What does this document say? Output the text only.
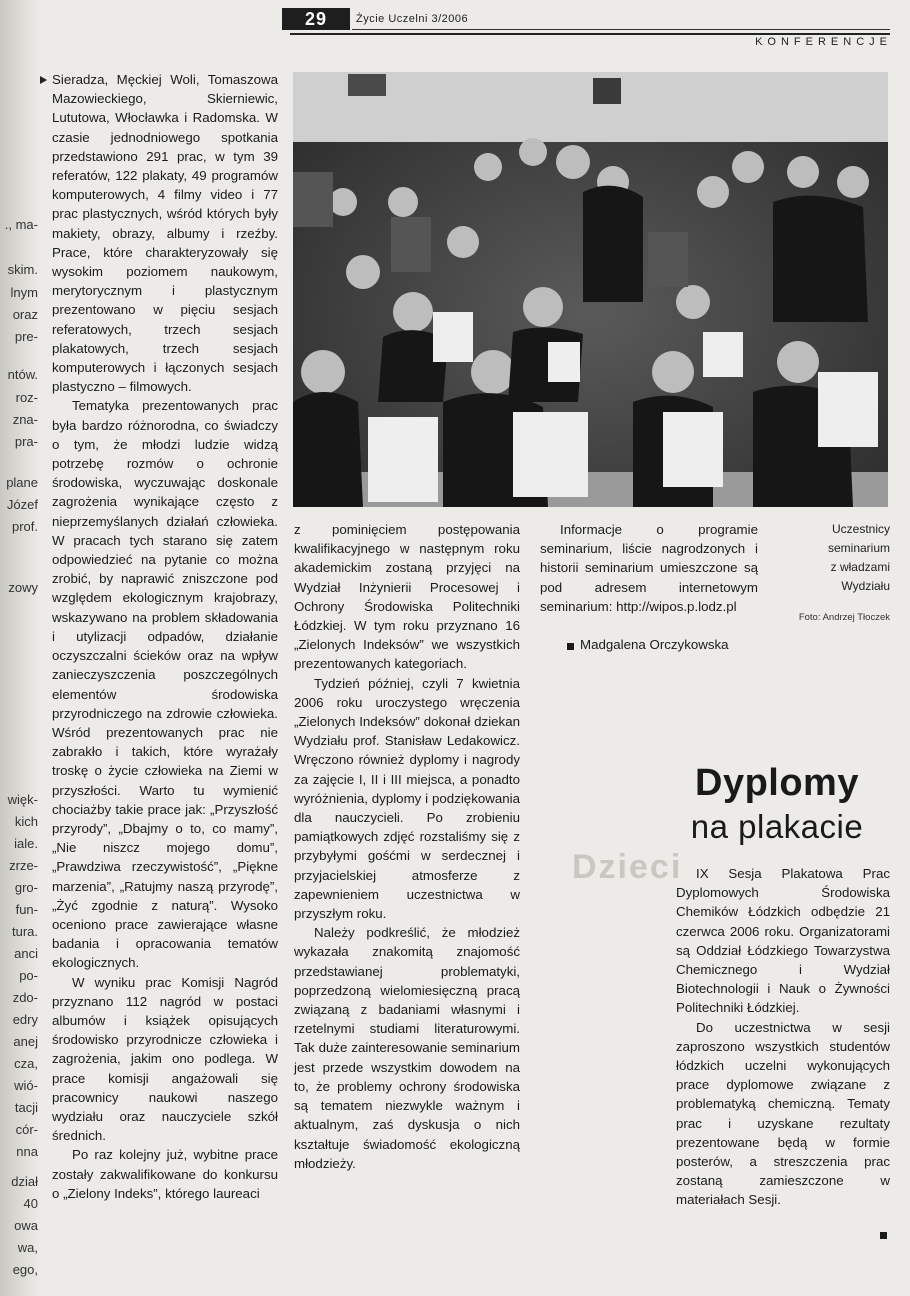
., ma-
skim.
lnym
oraz
pre-
ntów.
roz-
zna-
pra-
plane
Józef
prof.
zowy
więk-
kich
iale.
zrze-
gro-
fun-
tura.
anci
po-
zdo-
edry
anej
cza,
wió-
tacji
cór-
nna
dział
40
owa
wa,
ego,
29	Życie Uczelni 3/2006
KONFERENCJE

Sieradza, Męckiej Woli, Tomaszowa Mazowieckiego, Skierniewic, Lututowa, Włocławka i Radomska. W czasie jednodniowego spotkania przedstawiono 291 prac, w tym 39 referatów, 122 plakaty, 49 programów komputerowych, 4 filmy video i 77 prac plastycznych, wśród których były makiety, obrazy, albumy i rzeźby. Prace, które charakteryzowały się wysokim poziomem naukowym, merytorycznym i plastycznym prezentowano w pięciu sesjach referatowych, trzech sesjach plakatowych, trzech sesjach komputerowych i łączonych sesjach plastyczno – filmowych.

Tematyka prezentowanych prac była bardzo różnorodna, co świadczy o tym, że młodzi ludzie widzą potrzebę rozmów o ochronie środowiska, wyczuwając doskonale zagrożenia wynikające często z nieprzemyślanych działań człowieka. W pracach tych starano się zatem odpowiedzieć na pytanie co można zrobić, by naprawić zniszczone pod względem ekologicznym krajobrazy, wskazywano na problem składowania i utylizacji odpadów, działanie oczyszczalni ścieków oraz na wpływ zanieczyszczenia poszczególnych elementów środowiska przyrodniczego na zdrowie człowieka. Wśród prezentowanych prac nie zabrakło i takich, które wyrażały troskę o życie człowieka na Ziemi w przyszłości. Warto tu wymienić chociażby takie prace jak: „Przyszłość przyrody”, „Dbajmy o to, co mamy”, „Nie niszcz mojego domu”, „Prawdziwa rzeczywistość”, „Piękne marzenia”, „Ratujmy naszą przyrodę”, „Żyć zgodnie z naturą”. Wysoko oceniono prace zawierające własne badania i opracowania tematów ekologicznych.

W wyniku prac Komisji Nagród przyznano 112 nagród w postaci albumów i książek opisujących środowisko przyrodnicze człowieka i zagrożenia, jakim ono podlega. W prace komisji angażowali się pracownicy naukowi naszego wydziału oraz nauczyciele szkół średnich.

Po raz kolejny już, wybitne prace zostały zakwalifikowane do konkursu o „Zielony Indeks”, którego laureaci

z pominięciem postępowania kwalifikacyjnego w następnym roku akademickim zostaną przyjęci na Wydział Inżynierii Procesowej i Ochrony Środowiska Politechniki Łódzkiej. W tym roku przyznano 16 „Zielonych Indeksów” we wszystkich prezentowanych kategoriach.

Tydzień później, czyli 7 kwietnia 2006 roku uroczystego wręczenia „Zielonych Indeksów” dokonał dziekan Wydziału prof. Stanisław Ledakowicz. Wręczono również dyplomy i nagrody za zajęcie I, II i III miejsca, a ponadto wyróżnienia, dyplomy i podziękowania dla nauczycieli. Po zrobieniu pamiątkowych zdjęć rozstaliśmy się z przybyłymi gośćmi w serdecznej i przyjacielskiej atmosferze z zapewnieniem uczestnictwa w przyszłym roku.

Należy podkreślić, że młodzież wykazała znakomitą znajomość przedstawianej problematyki, poprzedzoną wielomiesięczną pracą związaną z badaniami własnymi i rzetelnymi studiami literaturowymi. Tak duże zainteresowanie seminarium jest przede wszystkim dowodem na to, że problemy ochrony środowiska są tematem niezwykle ważnym i aktualnym, zaś dyskusja o nich kształtuje świadomość ekologiczną młodzieży.

Informacje o programie seminarium, liście nagrodzonych i historii seminarium umieszczone są pod adresem internetowym seminarium: http://wipos.p.lodz.pl

Madgalena Orczykowska
Uczestnicy
seminarium
z władzami
Wydziału
Foto: Andrzej Tłoczek
Dzieci
Dyplomy
na plakacie

IX Sesja Plakatowa Prac Dyplomowych Środowiska Chemików Łódzkich odbędzie 21 czerwca 2006 roku. Organizatorami są Oddział Łódzkiego Towarzystwa Chemicznego i Wydział Biotechnologii i Nauk o Żywności Politechniki Łódzkiej.

Do uczestnictwa w sesji zaproszono wszystkich studentów łódzkich uczelni wykonujących prace dyplomowe związane z problematyką chemiczną. Tematy prac i uzyskane rezultaty prezentowane będą w formie posterów, a streszczenia prac zostaną zamieszczone w materiałach Sesji.
